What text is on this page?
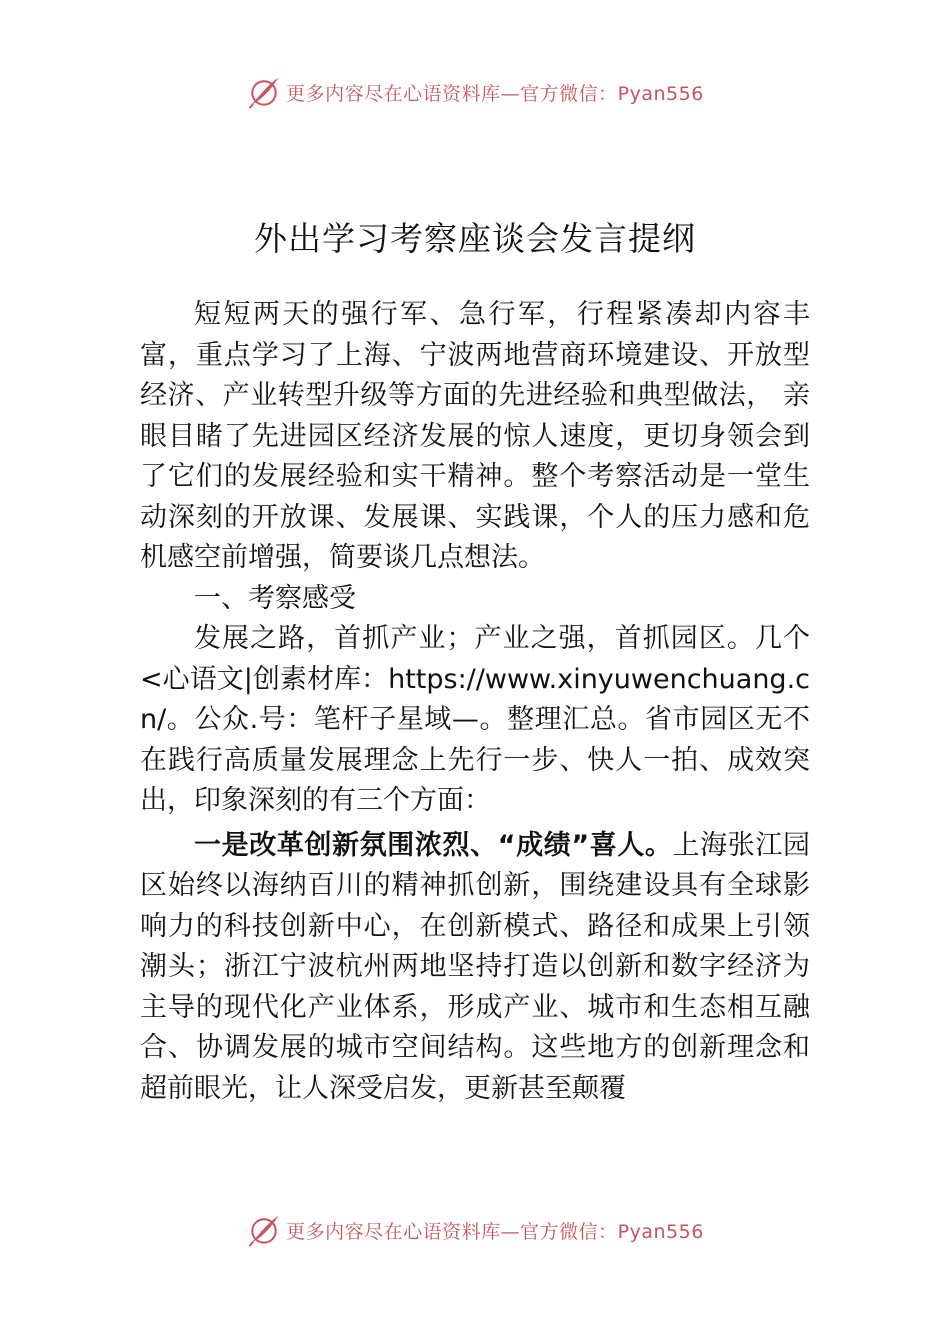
更多内容尽在心语资料库—官方微信：Pyan556
外出学习考察座谈会发言提纲

短短两天的强行军、急行军，行程紧凑却内容丰富，重点学习了上海、宁波两地营商环境建设、开放型经济、产业转型升级等方面的先进经验和典型做法， 亲眼目睹了先进园区经济发展的惊人速度，更切身领会到了它们的发展经验和实干精神。整个考察活动是一堂生动深刻的开放课、发展课、实践课，个人的压力感和危机感空前增强，简要谈几点想法。

一、考察感受

发展之路，首抓产业；产业之强，首抓园区。几个<心语文|创素材库：https://www.xinyuwenchuang.cn/。公众.号：笔杆子星域—。整理汇总。省市园区无不在践行高质量发展理念上先行一步、快人一拍、成效突出，印象深刻的有三个方面：

一是改革创新氛围浓烈、“成绩”喜人。上海张江园区始终以海纳百川的精神抓创新，围绕建设具有全球影响力的科技创新中心，在创新模式、路径和成果上引领潮头；浙江宁波杭州两地坚持打造以创新和数字经济为主导的现代化产业体系，形成产业、城市和生态相互融合、协调发展的城市空间结构。这些地方的创新理念和超前眼光，让人深受启发，更新甚至颠覆

更多内容尽在心语资料库—官方微信：Pyan556
